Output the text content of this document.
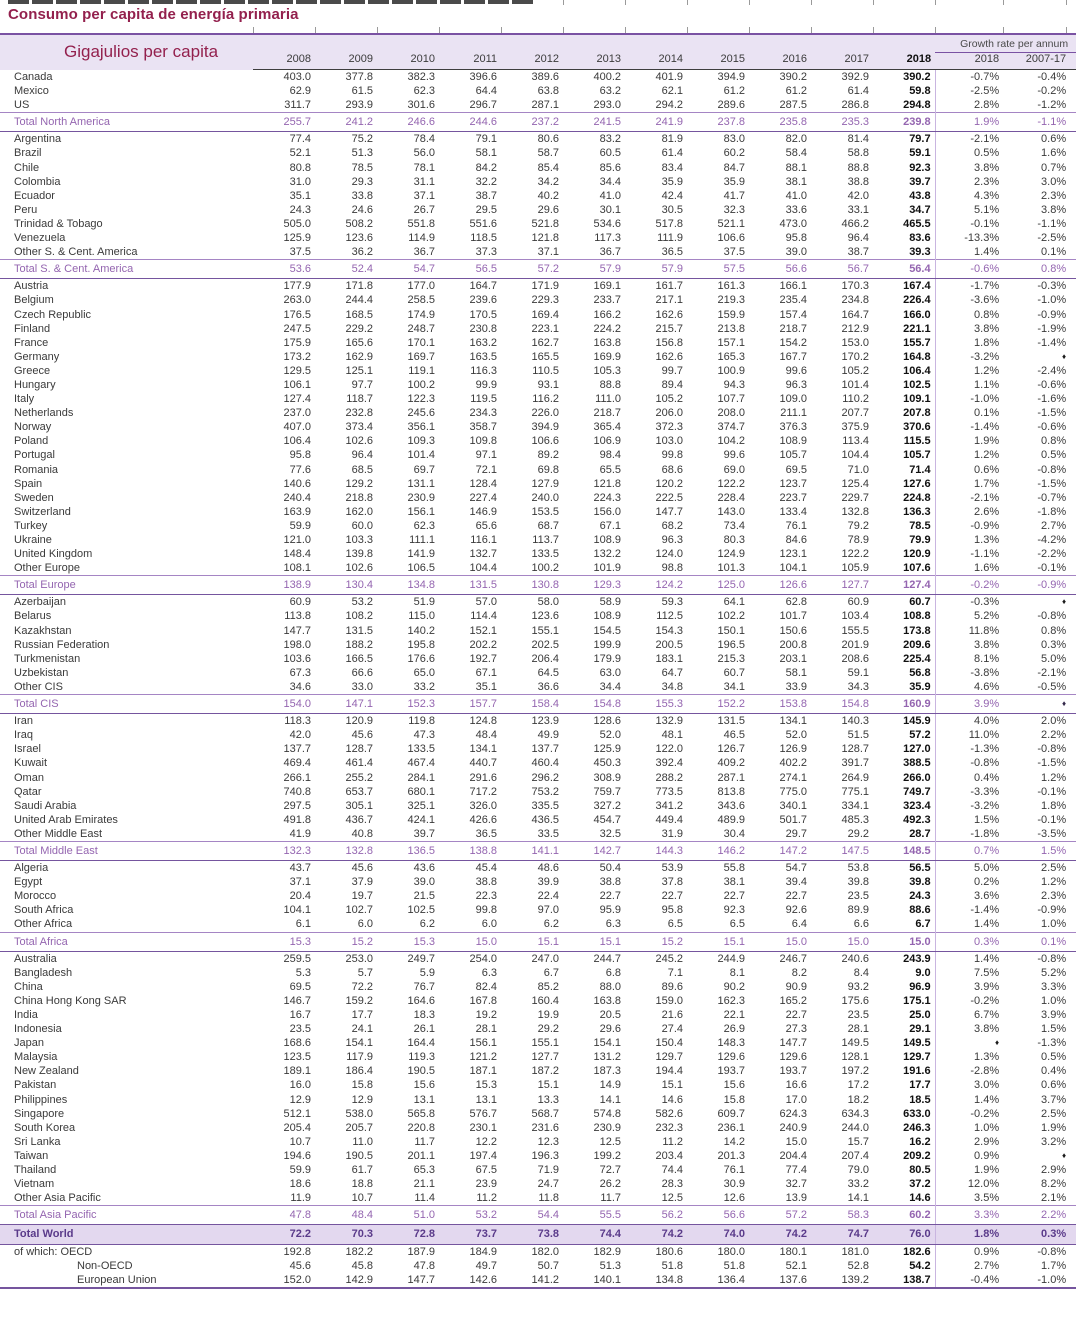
Consumo per capita de energía primaria
Gigajulios per capita												Growth rate per annum	
	2008	2009	2010	2011	2012	2013	2014	2015	2016	2017	2018	2018	2007-17
Canada	403.0	377.8	382.3	396.6	389.6	400.2	401.9	394.9	390.2	392.9	390.2	-0.7%	-0.4%
Mexico	62.9	61.5	62.3	64.4	63.8	63.2	62.1	61.2	61.2	61.4	59.8	-2.5%	-0.2%
US	311.7	293.9	301.6	296.7	287.1	293.0	294.2	289.6	287.5	286.8	294.8	2.8%	-1.2%
Total North America	255.7	241.2	246.6	244.6	237.2	241.5	241.9	237.8	235.8	235.3	239.8	1.9%	-1.1%
Argentina	77.4	75.2	78.4	79.1	80.6	83.2	81.9	83.0	82.0	81.4	79.7	-2.1%	0.6%
Brazil	52.1	51.3	56.0	58.1	58.7	60.5	61.4	60.2	58.4	58.8	59.1	0.5%	1.6%
Chile	80.8	78.5	78.1	84.2	85.4	85.6	83.4	84.7	88.1	88.8	92.3	3.8%	0.7%
Colombia	31.0	29.3	31.1	32.2	34.2	34.4	35.9	35.9	38.1	38.8	39.7	2.3%	3.0%
Ecuador	35.1	33.8	37.1	38.7	40.2	41.0	42.4	41.7	41.0	42.0	43.8	4.3%	2.3%
Peru	24.3	24.6	26.7	29.5	29.6	30.1	30.5	32.3	33.6	33.1	34.7	5.1%	3.8%
Trinidad & Tobago	505.0	508.2	551.8	551.6	521.8	534.6	517.8	521.1	473.0	466.2	465.5	-0.1%	-1.1%
Venezuela	125.9	123.6	114.9	118.5	121.8	117.3	111.9	106.6	95.8	96.4	83.6	-13.3%	-2.5%
Other S. & Cent. America	37.5	36.2	36.7	37.3	37.1	36.7	36.5	37.5	39.0	38.7	39.3	1.4%	0.1%
Total S. & Cent. America	53.6	52.4	54.7	56.5	57.2	57.9	57.9	57.5	56.6	56.7	56.4	-0.6%	0.8%
Austria	177.9	171.8	177.0	164.7	171.9	169.1	161.7	161.3	166.1	170.3	167.4	-1.7%	-0.3%
Belgium	263.0	244.4	258.5	239.6	229.3	233.7	217.1	219.3	235.4	234.8	226.4	-3.6%	-1.0%
Czech Republic	176.5	168.5	174.9	170.5	169.4	166.2	162.6	159.9	157.4	164.7	166.0	0.8%	-0.9%
Finland	247.5	229.2	248.7	230.8	223.1	224.2	215.7	213.8	218.7	212.9	221.1	3.8%	-1.9%
France	175.9	165.6	170.1	163.2	162.7	163.8	156.8	157.1	154.2	153.0	155.7	1.8%	-1.4%
Germany	173.2	162.9	169.7	163.5	165.5	169.9	162.6	165.3	167.7	170.2	164.8	-3.2%	♦
Greece	129.5	125.1	119.1	116.3	110.5	105.3	99.7	100.9	99.6	105.2	106.4	1.2%	-2.4%
Hungary	106.1	97.7	100.2	99.9	93.1	88.8	89.4	94.3	96.3	101.4	102.5	1.1%	-0.6%
Italy	127.4	118.7	122.3	119.5	116.2	111.0	105.2	107.7	109.0	110.2	109.1	-1.0%	-1.6%
Netherlands	237.0	232.8	245.6	234.3	226.0	218.7	206.0	208.0	211.1	207.7	207.8	0.1%	-1.5%
Norway	407.0	373.4	356.1	358.7	394.9	365.4	372.3	374.7	376.3	375.9	370.6	-1.4%	-0.6%
Poland	106.4	102.6	109.3	109.8	106.6	106.9	103.0	104.2	108.9	113.4	115.5	1.9%	0.8%
Portugal	95.8	96.4	101.4	97.1	89.2	98.4	99.8	99.6	105.7	104.4	105.7	1.2%	0.5%
Romania	77.6	68.5	69.7	72.1	69.8	65.5	68.6	69.0	69.5	71.0	71.4	0.6%	-0.8%
Spain	140.6	129.2	131.1	128.4	127.9	121.8	120.2	122.2	123.7	125.4	127.6	1.7%	-1.5%
Sweden	240.4	218.8	230.9	227.4	240.0	224.3	222.5	228.4	223.7	229.7	224.8	-2.1%	-0.7%
Switzerland	163.9	162.0	156.1	146.9	153.5	156.0	147.7	143.0	133.4	132.8	136.3	2.6%	-1.8%
Turkey	59.9	60.0	62.3	65.6	68.7	67.1	68.2	73.4	76.1	79.2	78.5	-0.9%	2.7%
Ukraine	121.0	103.3	111.1	116.1	113.7	108.9	96.3	80.3	84.6	78.9	79.9	1.3%	-4.2%
United Kingdom	148.4	139.8	141.9	132.7	133.5	132.2	124.0	124.9	123.1	122.2	120.9	-1.1%	-2.2%
Other Europe	108.1	102.6	106.5	104.4	100.2	101.9	98.8	101.3	104.1	105.9	107.6	1.6%	-0.1%
Total Europe	138.9	130.4	134.8	131.5	130.8	129.3	124.2	125.0	126.6	127.7	127.4	-0.2%	-0.9%
Azerbaijan	60.9	53.2	51.9	57.0	58.0	58.9	59.3	64.1	62.8	60.9	60.7	-0.3%	♦
Belarus	113.8	108.2	115.0	114.4	123.6	108.9	112.5	102.2	101.7	103.4	108.8	5.2%	-0.8%
Kazakhstan	147.7	131.5	140.2	152.1	155.1	154.5	154.3	150.1	150.6	155.5	173.8	11.8%	0.8%
Russian Federation	198.0	188.2	195.8	202.2	202.5	199.9	200.5	196.5	200.8	201.9	209.6	3.8%	0.3%
Turkmenistan	103.6	166.5	176.6	192.7	206.4	179.9	183.1	215.3	203.1	208.6	225.4	8.1%	5.0%
Uzbekistan	67.3	66.6	65.0	67.1	64.5	63.0	64.7	60.7	58.1	59.1	56.8	-3.8%	-2.1%
Other CIS	34.6	33.0	33.2	35.1	36.6	34.4	34.8	34.1	33.9	34.3	35.9	4.6%	-0.5%
Total CIS	154.0	147.1	152.3	157.7	158.4	154.8	155.3	152.2	153.8	154.8	160.9	3.9%	♦
Iran	118.3	120.9	119.8	124.8	123.9	128.6	132.9	131.5	134.1	140.3	145.9	4.0%	2.0%
Iraq	42.0	45.6	47.3	48.4	49.9	52.0	48.1	46.5	52.0	51.5	57.2	11.0%	2.2%
Israel	137.7	128.7	133.5	134.1	137.7	125.9	122.0	126.7	126.9	128.7	127.0	-1.3%	-0.8%
Kuwait	469.4	461.4	467.4	440.7	460.4	450.3	392.4	409.2	402.2	391.7	388.5	-0.8%	-1.5%
Oman	266.1	255.2	284.1	291.6	296.2	308.9	288.2	287.1	274.1	264.9	266.0	0.4%	1.2%
Qatar	740.8	653.7	680.1	717.2	753.2	759.7	773.5	813.8	775.0	775.1	749.7	-3.3%	-0.1%
Saudi Arabia	297.5	305.1	325.1	326.0	335.5	327.2	341.2	343.6	340.1	334.1	323.4	-3.2%	1.8%
United Arab Emirates	491.8	436.7	424.1	426.6	436.5	454.7	449.4	489.9	501.7	485.3	492.3	1.5%	-0.1%
Other Middle East	41.9	40.8	39.7	36.5	33.5	32.5	31.9	30.4	29.7	29.2	28.7	-1.8%	-3.5%
Total Middle East	132.3	132.8	136.5	138.8	141.1	142.7	144.3	146.2	147.2	147.5	148.5	0.7%	1.5%
Algeria	43.7	45.6	43.6	45.4	48.6	50.4	53.9	55.8	54.7	53.8	56.5	5.0%	2.5%
Egypt	37.1	37.9	39.0	38.8	39.9	38.8	37.8	38.1	39.4	39.8	39.8	0.2%	1.2%
Morocco	20.4	19.7	21.5	22.3	22.4	22.7	22.7	22.7	22.7	23.5	24.3	3.6%	2.3%
South Africa	104.1	102.7	102.5	99.8	97.0	95.9	95.8	92.3	92.6	89.9	88.6	-1.4%	-0.9%
Other Africa	6.1	6.0	6.2	6.0	6.2	6.3	6.5	6.5	6.4	6.6	6.7	1.4%	1.0%
Total Africa	15.3	15.2	15.3	15.0	15.1	15.1	15.2	15.1	15.0	15.0	15.0	0.3%	0.1%
Australia	259.5	253.0	249.7	254.0	247.0	244.7	245.2	244.9	246.7	240.6	243.9	1.4%	-0.8%
Bangladesh	5.3	5.7	5.9	6.3	6.7	6.8	7.1	8.1	8.2	8.4	9.0	7.5%	5.2%
China	69.5	72.2	76.7	82.4	85.2	88.0	89.6	90.2	90.9	93.2	96.9	3.9%	3.3%
China Hong Kong SAR	146.7	159.2	164.6	167.8	160.4	163.8	159.0	162.3	165.2	175.6	175.1	-0.2%	1.0%
India	16.7	17.7	18.3	19.2	19.9	20.5	21.6	22.1	22.7	23.5	25.0	6.7%	3.9%
Indonesia	23.5	24.1	26.1	28.1	29.2	29.6	27.4	26.9	27.3	28.1	29.1	3.8%	1.5%
Japan	168.6	154.1	164.4	156.1	155.1	154.1	150.4	148.3	147.7	149.5	149.5	♦	-1.3%
Malaysia	123.5	117.9	119.3	121.2	127.7	131.2	129.7	129.6	129.6	128.1	129.7	1.3%	0.5%
New Zealand	189.1	186.4	190.5	187.1	187.2	187.3	194.4	193.7	193.7	197.2	191.6	-2.8%	0.4%
Pakistan	16.0	15.8	15.6	15.3	15.1	14.9	15.1	15.6	16.6	17.2	17.7	3.0%	0.6%
Philippines	12.9	12.9	13.1	13.1	13.3	14.1	14.6	15.8	17.0	18.2	18.5	1.4%	3.7%
Singapore	512.1	538.0	565.8	576.7	568.7	574.8	582.6	609.7	624.3	634.3	633.0	-0.2%	2.5%
South Korea	205.4	205.7	220.8	230.1	231.6	230.9	232.3	236.1	240.9	244.0	246.3	1.0%	1.9%
Sri Lanka	10.7	11.0	11.7	12.2	12.3	12.5	11.2	14.2	15.0	15.7	16.2	2.9%	3.2%
Taiwan	194.6	190.5	201.1	197.4	196.3	199.2	203.4	201.3	204.4	207.4	209.2	0.9%	♦
Thailand	59.9	61.7	65.3	67.5	71.9	72.7	74.4	76.1	77.4	79.0	80.5	1.9%	2.9%
Vietnam	18.6	18.8	21.1	23.9	24.7	26.2	28.3	30.9	32.7	33.2	37.2	12.0%	8.2%
Other Asia Pacific	11.9	10.7	11.4	11.2	11.8	11.7	12.5	12.6	13.9	14.1	14.6	3.5%	2.1%
Total Asia Pacific	47.8	48.4	51.0	53.2	54.4	55.5	56.2	56.6	57.2	58.3	60.2	3.3%	2.2%
Total World	72.2	70.3	72.8	73.7	73.8	74.4	74.2	74.0	74.2	74.7	76.0	1.8%	0.3%
of which: OECD	192.8	182.2	187.9	184.9	182.0	182.9	180.6	180.0	180.1	181.0	182.6	0.9%	-0.8%
Non-OECD	45.6	45.8	47.8	49.7	50.7	51.3	51.8	51.8	52.1	52.8	54.2	2.7%	1.7%
European Union	152.0	142.9	147.7	142.6	141.2	140.1	134.8	136.4	137.6	139.2	138.7	-0.4%	-1.0%
